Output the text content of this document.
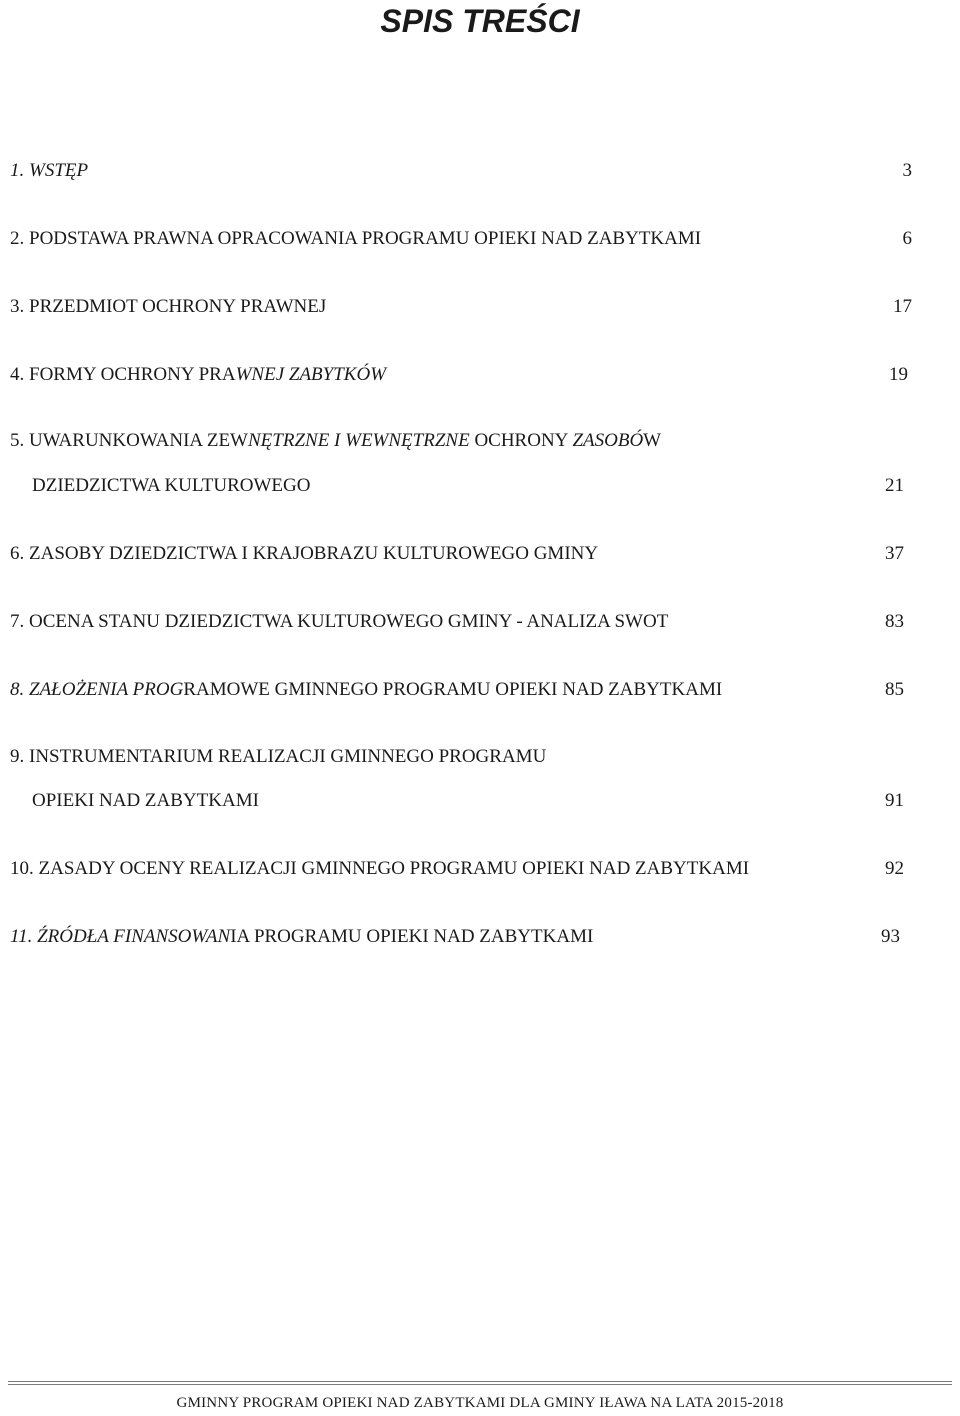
SPIS TREŚCI
1. WSTĘP	3
2. PODSTAWA PRAWNA OPRACOWANIA PROGRAMU OPIEKI NAD ZABYTKAMI	6
3. PRZEDMIOT OCHRONY PRAWNEJ	17
4. FORMY OCHRONY PRAWNEJ ZABYTKÓW	19
5. UWARUNKOWANIA ZEWNĘTRZNE I WEWNĘTRZNE OCHRONY ZASOBÓW
DZIEDZICTWA KULTUROWEGO	21
6. ZASOBY DZIEDZICTWA I KRAJOBRAZU KULTUROWEGO GMINY	37
7. OCENA STANU DZIEDZICTWA KULTUROWEGO GMINY - ANALIZA SWOT	83
8. ZAŁOŻENIA PROGRAMOWE GMINNEGO PROGRAMU OPIEKI NAD ZABYTKAMI	85
9. INSTRUMENTARIUM REALIZACJI GMINNEGO PROGRAMU
OPIEKI NAD ZABYTKAMI	91
10. ZASADY OCENY REALIZACJI GMINNEGO PROGRAMU OPIEKI NAD ZABYTKAMI	92
11. ŹRÓDŁA FINANSOWANIA PROGRAMU OPIEKI NAD ZABYTKAMI	93
GMINNY PROGRAM OPIEKI NAD ZABYTKAMI DLA GMINY IŁAWA NA LATA 2015-2018
